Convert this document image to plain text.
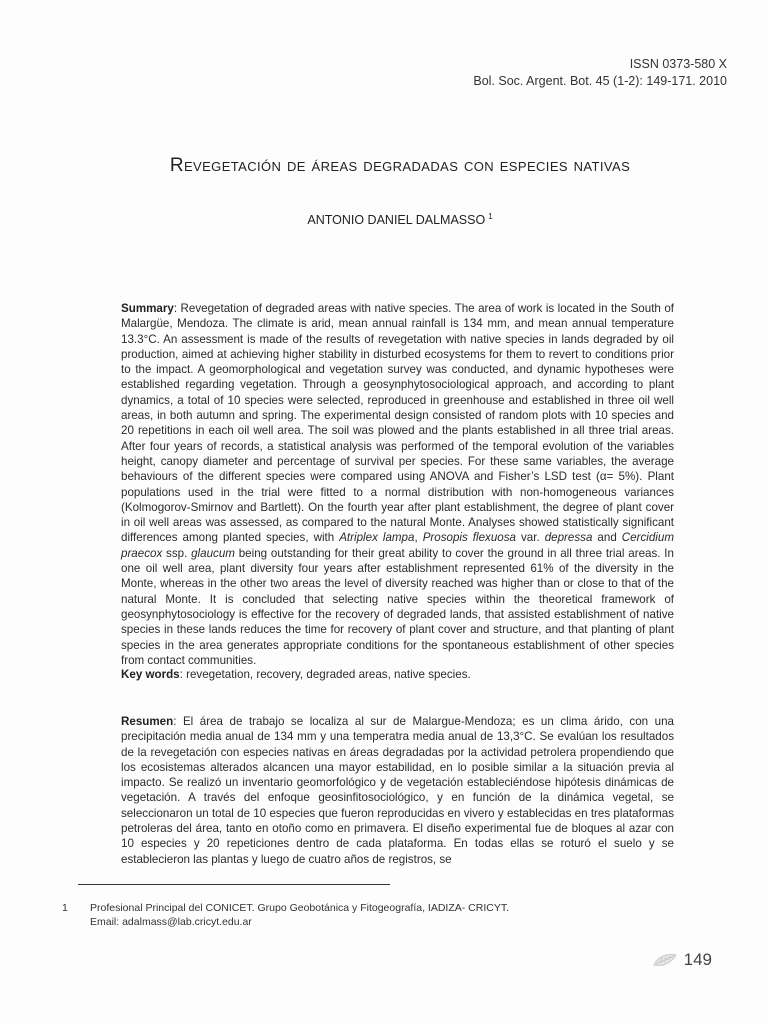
ISSN 0373-580 X
Bol. Soc. Argent. Bot. 45 (1-2): 149-171. 2010
Revegetación de áreas degradadas con especies nativas
ANTONIO DANIEL DALMASSO $^1$
Summary: Revegetation of degraded areas with native species. The area of work is located in the South of Malargüe, Mendoza. The climate is arid, mean annual rainfall is 134 mm, and mean annual temperature 13.3°C. An assessment is made of the results of revegetation with native species in lands degraded by oil production, aimed at achieving higher stability in disturbed ecosystems for them to revert to conditions prior to the impact. A geomorphological and vegetation survey was conducted, and dynamic hypotheses were established regarding vegetation. Through a geosynphytosociological approach, and according to plant dynamics, a total of 10 species were selected, reproduced in greenhouse and established in three oil well areas, in both autumn and spring. The experimental design consisted of random plots with 10 species and 20 repetitions in each oil well area. The soil was plowed and the plants established in all three trial areas. After four years of records, a statistical analysis was performed of the temporal evolution of the variables height, canopy diameter and percentage of survival per species. For these same variables, the average behaviours of the different species were compared using ANOVA and Fisher’s LSD test (α= 5%). Plant populations used in the trial were fitted to a normal distribution with non-homogeneous variances (Kolmogorov-Smirnov and Bartlett). On the fourth year after plant establishment, the degree of plant cover in oil well areas was assessed, as compared to the natural Monte. Analyses showed statistically significant differences among planted species, with Atriplex lampa, Prosopis flexuosa var. depressa and Cercidium praecox ssp. glaucum being outstanding for their great ability to cover the ground in all three trial areas. In one oil well area, plant diversity four years after establishment represented 61% of the diversity in the Monte, whereas in the other two areas the level of diversity reached was higher than or close to that of the natural Monte. It is concluded that selecting native species within the theoretical framework of geosynphytosociology is effective for the recovery of degraded lands, that assisted establishment of native species in these lands reduces the time for recovery of plant cover and structure, and that planting of plant species in the area generates appropriate conditions for the spontaneous establishment of other species from contact communities.
Key words: revegetation, recovery, degraded areas, native species.
Resumen: El área de trabajo se localiza al sur de Malargue-Mendoza; es un clima árido, con una precipitación media anual de 134 mm y una temperatra media anual de 13,3°C. Se evalúan los resultados de la revegetación con especies nativas en áreas degradadas por la actividad petrolera propendiendo que los ecosistemas alterados alcancen una mayor estabilidad, en lo posible similar a la situación previa al impacto. Se realizó un inventario geomorfológico y de vegetación estableciéndose hipótesis dinámicas de vegetación. A través del enfoque geosinfitosociológico, y en función de la dinámica vegetal, se seleccionaron un total de 10 especies que fueron reproducidas en vivero y establecidas en tres plataformas petroleras del área, tanto en otoño como en primavera. El diseño experimental fue de bloques al azar con 10 especies y 20 repeticiones dentro de cada plataforma. En todas ellas se roturó el suelo y se establecieron las plantas y luego de cuatro años de registros, se
1 Profesional Principal del CONICET. Grupo Geobotánica y Fitogeografía, IADIZA- CRICYT.
Email: adalmass@lab.cricyt.edu.ar
149
